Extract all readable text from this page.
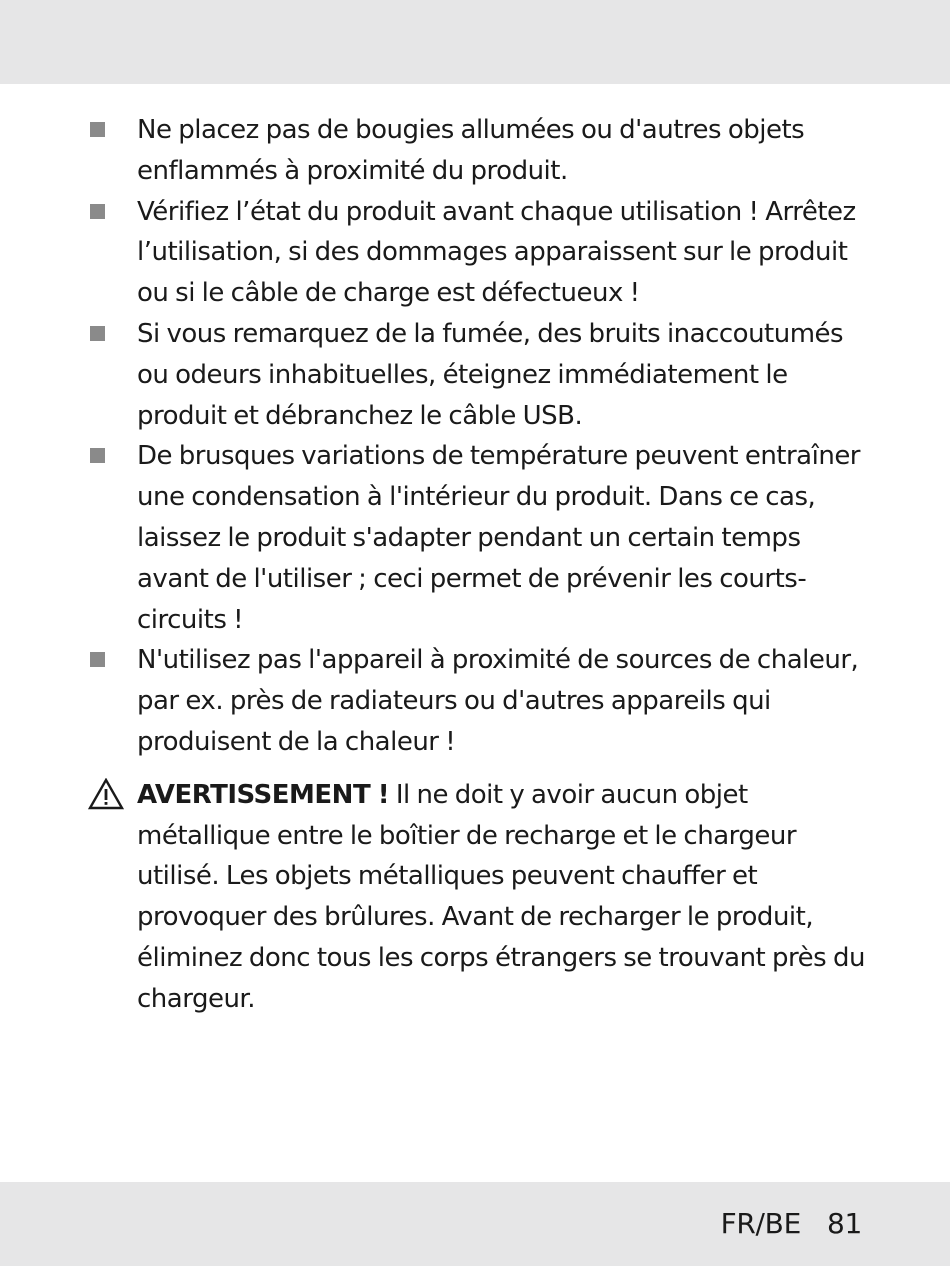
Ne placez pas de bougies allumées ou d'autres objets enflammés à proximité du produit.
Vérifiez l’état du produit avant chaque utilisation ! Arrêtez l’utilisation, si des dommages apparaissent sur le produit ou si le câble de charge est défectueux !
Si vous remarquez de la fumée, des bruits inaccoutumés ou odeurs inhabituelles, éteignez immédiatement le produit et débranchez le câble USB.
De brusques variations de température peuvent entraîner une condensation à l'intérieur du produit. Dans ce cas, laissez le produit s'adapter pendant un certain temps avant de l'utiliser ; ceci permet de prévenir les courts-circuits !
N'utilisez pas l'appareil à proximité de sources de chaleur, par ex. près de radiateurs ou d'autres appareils qui produisent de la chaleur !
AVERTISSEMENT ! Il ne doit y avoir aucun objet métallique entre le boîtier de recharge et le chargeur utilisé. Les objets métalliques peuvent chauffer et provoquer des brûlures. Avant de recharger le produit, éliminez donc tous les corps étrangers se trouvant près du chargeur.
FR/BE 81
